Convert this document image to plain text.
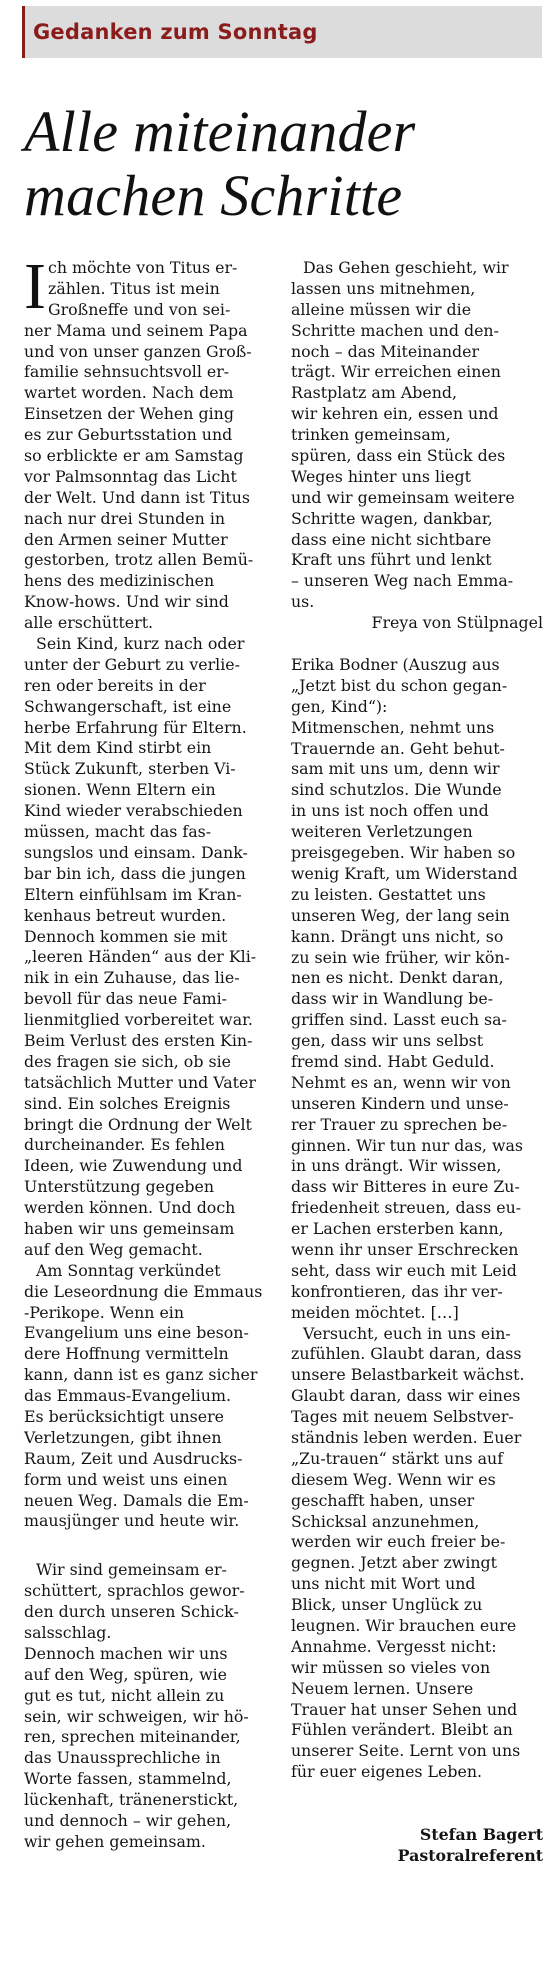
Gedanken zum Sonntag
Alle miteinander
machen Schritte
I ch möchte von Titus er-
zählen. Titus ist mein
Großneffe und von sei-
ner Mama und seinem Papa
und von unser ganzen Groß-
familie sehnsuchtsvoll er-
wartet worden. Nach dem
Einsetzen der Wehen ging
es zur Geburtsstation und
so erblickte er am Samstag
vor Palmsonntag das Licht
der Welt. Und dann ist Titus
nach nur drei Stunden in
den Armen seiner Mutter
gestorben, trotz allen Bemü-
hens des medizinischen
Know-hows. Und wir sind
alle erschüttert.
Sein Kind, kurz nach oder
unter der Geburt zu verlie-
ren oder bereits in der
Schwangerschaft, ist eine
herbe Erfahrung für Eltern.
Mit dem Kind stirbt ein
Stück Zukunft, sterben Vi-
sionen. Wenn Eltern ein
Kind wieder verabschieden
müssen, macht das fas-
sungslos und einsam. Dank-
bar bin ich, dass die jungen
Eltern einfühlsam im Kran-
kenhaus betreut wurden.
Dennoch kommen sie mit
„leeren Händen“ aus der Kli-
nik in ein Zuhause, das lie-
bevoll für das neue Fami-
lienmitglied vorbereitet war.
Beim Verlust des ersten Kin-
des fragen sie sich, ob sie
tatsächlich Mutter und Vater
sind. Ein solches Ereignis
bringt die Ordnung der Welt
durcheinander. Es fehlen
Ideen, wie Zuwendung und
Unterstützung gegeben
werden können. Und doch
haben wir uns gemeinsam
auf den Weg gemacht.
Am Sonntag verkündet
die Leseordnung die Emmaus
-Perikope. Wenn ein
Evangelium uns eine beson-
dere Hoffnung vermitteln
kann, dann ist es ganz sicher
das Emmaus-Evangelium.
Es berücksichtigt unsere
Verletzungen, gibt ihnen
Raum, Zeit und Ausdrucks-
form und weist uns einen
neuen Weg. Damals die Em-
mausjünger und heute wir.
Wir sind gemeinsam er-
schüttert, sprachlos gewor-
den durch unseren Schick-
salsschlag.
Dennoch machen wir uns
auf den Weg, spüren, wie
gut es tut, nicht allein zu
sein, wir schweigen, wir hö-
ren, sprechen miteinander,
das Unaussprechliche in
Worte fassen, stammelnd,
lückenhaft, tränenerstickt,
und dennoch – wir gehen,
wir gehen gemeinsam.
Das Gehen geschieht, wir
lassen uns mitnehmen,
alleine müssen wir die
Schritte machen und den-
noch – das Miteinander
trägt. Wir erreichen einen
Rastplatz am Abend,
wir kehren ein, essen und
trinken gemeinsam,
spüren, dass ein Stück des
Weges hinter uns liegt
und wir gemeinsam weitere
Schritte wagen, dankbar,
dass eine nicht sichtbare
Kraft uns führt und lenkt
– unseren Weg nach Emma-
us.
Freya von Stülpnagel
Erika Bodner (Auszug aus
„Jetzt bist du schon gegan-
gen, Kind“):
Mitmenschen, nehmt uns
Trauernde an. Geht behut-
sam mit uns um, denn wir
sind schutzlos. Die Wunde
in uns ist noch offen und
weiteren Verletzungen
preisgegeben. Wir haben so
wenig Kraft, um Widerstand
zu leisten. Gestattet uns
unseren Weg, der lang sein
kann. Drängt uns nicht, so
zu sein wie früher, wir kön-
nen es nicht. Denkt daran,
dass wir in Wandlung be-
griffen sind. Lasst euch sa-
gen, dass wir uns selbst
fremd sind. Habt Geduld.
Nehmt es an, wenn wir von
unseren Kindern und unse-
rer Trauer zu sprechen be-
ginnen. Wir tun nur das, was
in uns drängt. Wir wissen,
dass wir Bitteres in eure Zu-
friedenheit streuen, dass eu-
er Lachen ersterben kann,
wenn ihr unser Erschrecken
seht, dass wir euch mit Leid
konfrontieren, das ihr ver-
meiden möchtet. […]
Versucht, euch in uns ein-
zufühlen. Glaubt daran, dass
unsere Belastbarkeit wächst.
Glaubt daran, dass wir eines
Tages mit neuem Selbstver-
ständnis leben werden. Euer
„Zu-trauen“ stärkt uns auf
diesem Weg. Wenn wir es
geschafft haben, unser
Schicksal anzunehmen,
werden wir euch freier be-
gegnen. Jetzt aber zwingt
uns nicht mit Wort und
Blick, unser Unglück zu
leugnen. Wir brauchen eure
Annahme. Vergesst nicht:
wir müssen so vieles von
Neuem lernen. Unsere
Trauer hat unser Sehen und
Fühlen verändert. Bleibt an
unserer Seite. Lernt von uns
für euer eigenes Leben.
Stefan Bagert
Pastoralreferent
